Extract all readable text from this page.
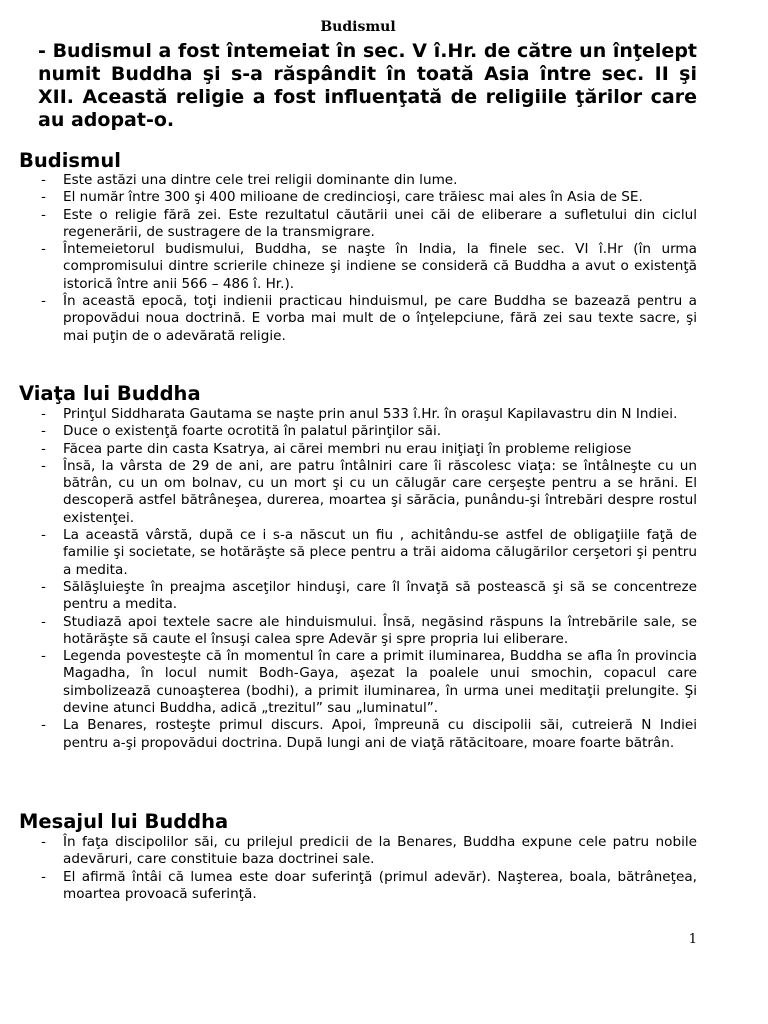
Budismul
- Budismul a fost întemeiat în sec. V î.Hr. de către un înţelept numit Buddha şi s-a răspândit în toată Asia între sec. II şi XII. Această religie a fost influenţată de religiile ţărilor care au adopat-o.
Budismul
- Este astăzi una dintre cele trei religii dominante din lume.
- El număr între 300 şi 400 milioane de credincioşi, care trăiesc mai ales în Asia de SE.
- Este o religie fără zei. Este rezultatul căutării unei căi de eliberare a sufletului din ciclul regenerării, de sustragere de la transmigrare.
- Întemeietorul budismului, Buddha, se naşte în India, la finele sec. VI î.Hr (în urma compromisului dintre scrierile chineze şi indiene se consideră că Buddha a avut o existenţă istorică între anii 566 – 486 î. Hr.).
- În această epocă, toţi indienii practicau hinduismul, pe care Buddha se bazează pentru a propovădui noua doctrină. E vorba mai mult de o înţelepciune, fără zei sau texte sacre, şi mai puţin de o adevărată religie.
Viaţa lui Buddha
- Prinţul Siddharata Gautama se naşte prin anul 533 î.Hr. în oraşul Kapilavastru din N Indiei.
- Duce o existenţă foarte ocrotită în palatul părinţilor săi.
- Făcea parte din casta Ksatrya, ai cărei membri nu erau iniţiaţi în probleme religiose
- Însă, la vârsta de 29 de ani, are patru întâlniri care îi răscolesc viaţa: se întâlneşte cu un bătrân, cu un om bolnav, cu un mort şi cu un călugăr care cerşeşte pentru a se hrăni. El descoperă astfel bătrâneşea, durerea, moartea şi sărăcia, punându-şi întrebări despre rostul existenţei.
- La această vârstă, după ce i s-a născut un fiu , achitându-se astfel de obligaţiile faţă de familie şi societate, se hotărăşte să plece pentru a trăi aidoma călugărilor cerşetori şi pentru a medita.
- Sălăşluieşte în preajma asceţilor hinduşi, care îl învaţă să postească şi să se concentreze pentru a medita.
- Studiază apoi textele sacre ale hinduismului. Însă, negăsind răspuns la întrebările sale, se hotărăşte să caute el însuşi calea spre Adevăr şi spre propria lui eliberare.
- Legenda povesteşte că în momentul în care a primit iluminarea, Buddha se afla în provincia Magadha, în locul numit Bodh-Gaya, aşezat la poalele unui smochin, copacul care simbolizează cunoaşterea (bodhi), a primit iluminarea, în urma unei meditaţii prelungite. Şi devine atunci Buddha, adică „trezitul” sau „luminatul”.
- La Benares, rosteşte primul discurs. Apoi, împreună cu discipolii săi, cutreieră N Indiei pentru a-şi propovădui doctrina. După lungi ani de viaţă rătăcitoare, moare foarte bătrân.
Mesajul lui Buddha
- În faţa discipolilor săi, cu prilejul predicii de la Benares, Buddha expune cele patru nobile adevăruri, care constituie baza doctrinei sale.
- El afirmă întâi că lumea este doar suferinţă (primul adevăr). Naşterea, boala, bătrâneţea, moartea provoacă suferinţă.
1
